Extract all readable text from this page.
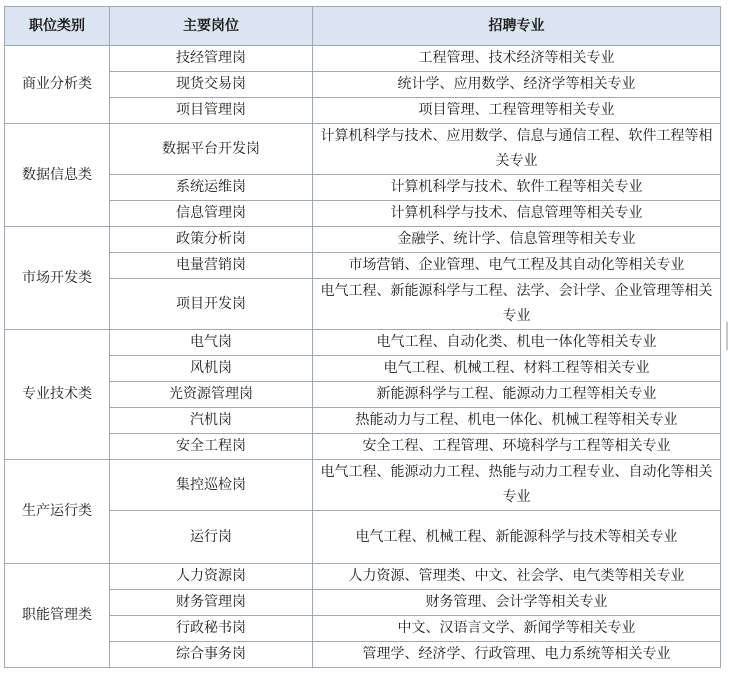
职位类别	主要岗位	招聘专业
商业分析类	技经管理岗	工程管理、技术经济等相关专业
	现货交易岗	统计学、应用数学、经济学等相关专业
	项目管理岗	项目管理、工程管理等相关专业
数据信息类	数据平台开发岗	计算机科学与技术、应用数学、信息与通信工程、软件工程等相关专业
	系统运维岗	计算机科学与技术、软件工程等相关专业
	信息管理岗	计算机科学与技术、信息管理等相关专业
市场开发类	政策分析岗	金融学、统计学、信息管理等相关专业
	电量营销岗	市场营销、企业管理、电气工程及其自动化等相关专业
	项目开发岗	电气工程、新能源科学与工程、法学、会计学、企业管理等相关专业
专业技术类	电气岗	电气工程、自动化类、机电一体化等相关专业
	风机岗	电气工程、机械工程、材料工程等相关专业
	光资源管理岗	新能源科学与工程、能源动力工程等相关专业
	汽机岗	热能动力与工程、机电一体化、机械工程等相关专业
	安全工程岗	安全工程、工程管理、环境科学与工程等相关专业
生产运行类	集控巡检岗	电气工程、能源动力工程、热能与动力工程专业、自动化等相关专业
	运行岗	电气工程、机械工程、新能源科学与技术等相关专业
职能管理类	人力资源岗	人力资源、管理类、中文、社会学、电气类等相关专业
	财务管理岗	财务管理、会计学等相关专业
	行政秘书岗	中文、汉语言文学、新闻学等相关专业
	综合事务岗	管理学、经济学、行政管理、电力系统等相关专业
